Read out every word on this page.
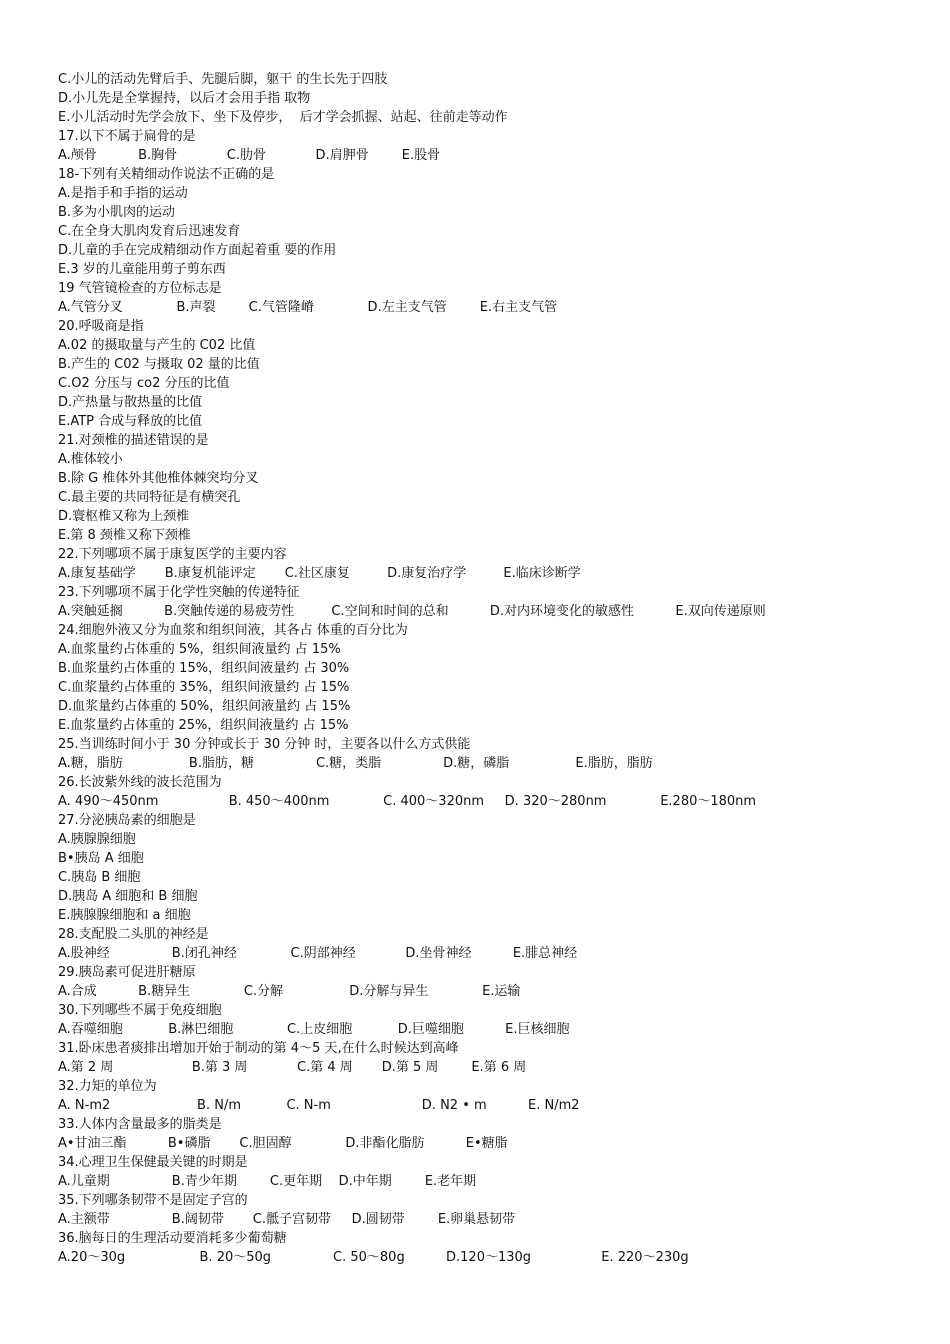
C.小儿的活动先臂后手、先腿后脚，躯干 的生长先于四肢
D.小儿先是全掌握持，以后才会用手指 取物
E.小儿活动时先学会放下、坐下及停步，  后才学会抓握、站起、往前走等动作
17.以下不属于扁骨的是
A.颅骨          B.胸骨            C.肋骨            D.肩胛骨        E.股骨
18-下列有关精细动作说法不正确的是
A.是指手和手指的运动
B.多为小肌肉的运动
C.在全身大肌肉发育后迅速发育
D.儿童的手在完成精细动作方面起着重 要的作用
E.3 岁的儿童能用剪子剪东西
19 气管镜检查的方位标志是
A.气管分叉             B.声裂        C.气管隆嵴             D.左主支气管        E.右主支气管
20.呼吸商是指
A.02 的摄取量与产生的 C02 比值
B.产生的 C02 与摄取 02 量的比值
C.O2 分压与 co2 分压的比值
D.产热量与散热量的比值
E.ATP 合成与释放的比值
21.对颈椎的描述错误的是
A.椎体较小
B.除 G 椎体外其他椎体棘突均分叉
C.最主要的共同特征是有横突孔
D.寰枢椎又称为上颈椎
E.第 8 颈椎又称下颈椎
22.下列哪项不属于康复医学的主要内容
A.康复基础学       B.康复机能评定       C.社区康复         D.康复治疗学         E.临床诊断学
23.下列哪项不属于化学性突触的传递特征
A.突触延搁          B.突触传递的易疲劳性         C.空间和时间的总和          D.对内环境变化的敏感性          E.双向传递原则
24.细胞外液又分为血浆和组织间液，其各占 体重的百分比为
A.血浆量约占体重的 5%，组织间液量约 占 15%
B.血浆量约占体重的 15%，组织间液量约 占 30%
C.血浆量约占体重的 35%，组织间液量约 占 15%
D.血浆量约占体重的 50%，组织间液量约 占 15%
E.血浆量约占体重的 25%，组织间液量约 占 15%
25.当训练时间小于 30 分钟或长于 30 分钟 时，主要各以什么方式供能
A.糖，脂肪                B.脂肪，糖               C.糖，类脂               D.糖，磷脂                E.脂肪，脂肪
26.长波紫外线的波长范围为
A. 490～450nm                 B. 450～400nm             C. 400～320nm     D. 320～280nm             E.280～180nm
27.分泌胰岛素的细胞是
A.胰腺腺细胞
B•胰岛 A 细胞
C.胰岛 B 细胞
D.胰岛 A 细胞和 B 细胞
E.胰腺腺细胞和 a 细胞
28.支配股二头肌的神经是
A.股神经               B.闭孔神经             C.阴部神经            D.坐骨神经          E.腓总神经
29.胰岛素可促进肝糖原
A.合成          B.糖异生             C.分解                D.分解与异生             E.运输
30.下列哪些不属于免疫细胞
A.吞噬细胞           B.淋巴细胞             C.上皮细胞           D.巨噬细胞          E.巨核细胞
31.卧床患者痰排出增加开始于制动的第 4～5 天,在什么时候达到高峰
A.第 2 周                   B.第 3 周            C.第 4 周       D.第 5 周        E.第 6 周
32.力矩的单位为
A. N-m2                     B. N/m           C. N-m                      D. N2 • m          E. N/m2
33.人体内含量最多的脂类是
A•甘油三酯          B•磷脂       C.胆固醇             D.非酯化脂肪          E•糖脂
34.心理卫生保健最关键的时期是
A.儿童期               B.青少年期        C.更年期    D.中年期        E.老年期
35.下列哪条韧带不是固定子宫的
A.主额带               B.阔韧带       C.骶子宫韧带     D.圆韧带        E.卵巢悬韧带
36.脑每日的生理活动要消耗多少葡萄糖
A.20～30g                  B. 20～50g               C. 50～80g          D.120～130g                 E. 220～230g
